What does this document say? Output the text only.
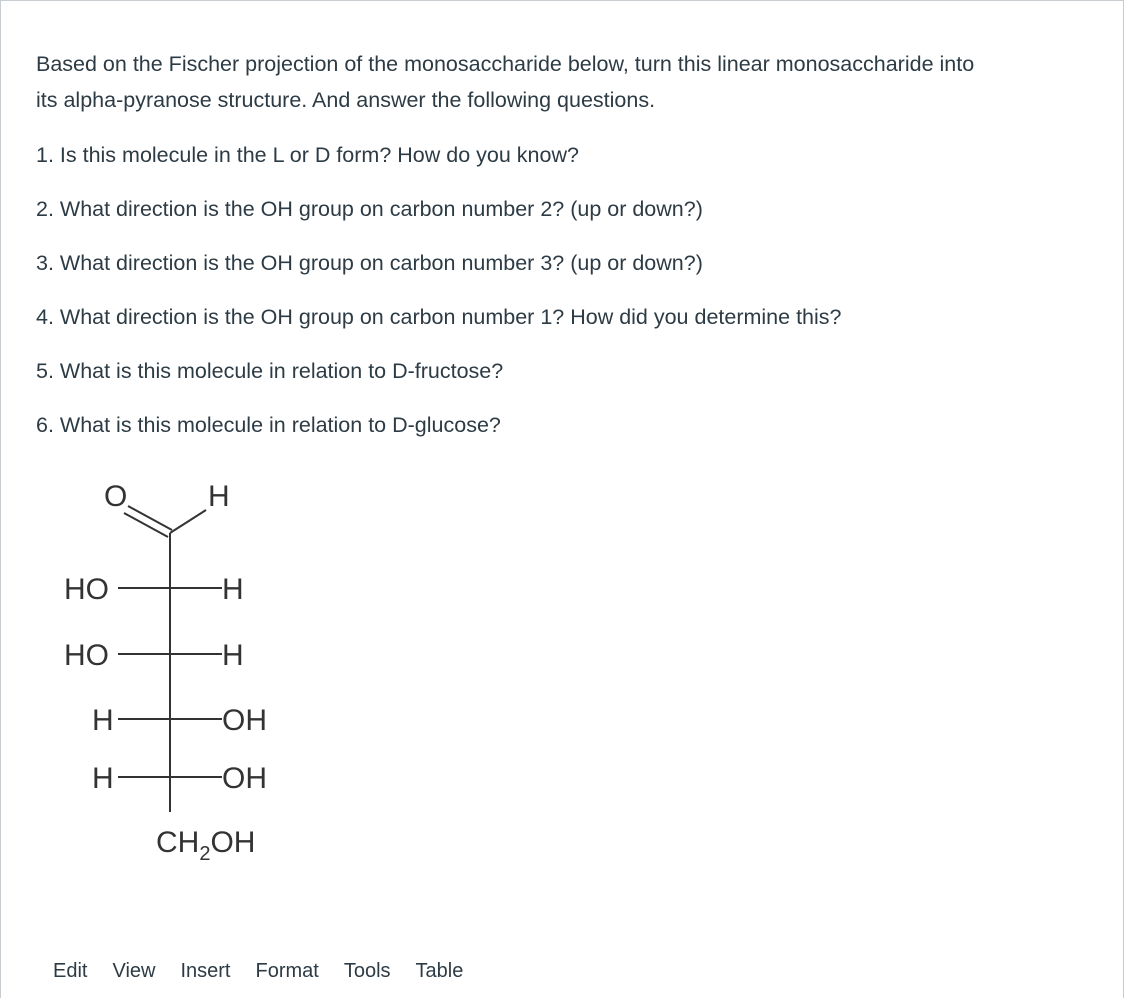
Based on the Fischer projection of the monosaccharide below, turn this linear monosaccharide into
its alpha-pyranose structure. And answer the following questions.

1. Is this molecule in the L or D form? How do you know?

2. What direction is the OH group on carbon number 2? (up or down?)

3. What direction is the OH group on carbon number 3? (up or down?)

4. What direction is the OH group on carbon number 1? How did you determine this?

5. What is this molecule in relation to D-fructose?

6. What is this molecule in relation to D-glucose?

O	H
HO	H
HO	H
H	OH
H	OH
$CH_2OH$
Edit View Insert Format Tools Table
